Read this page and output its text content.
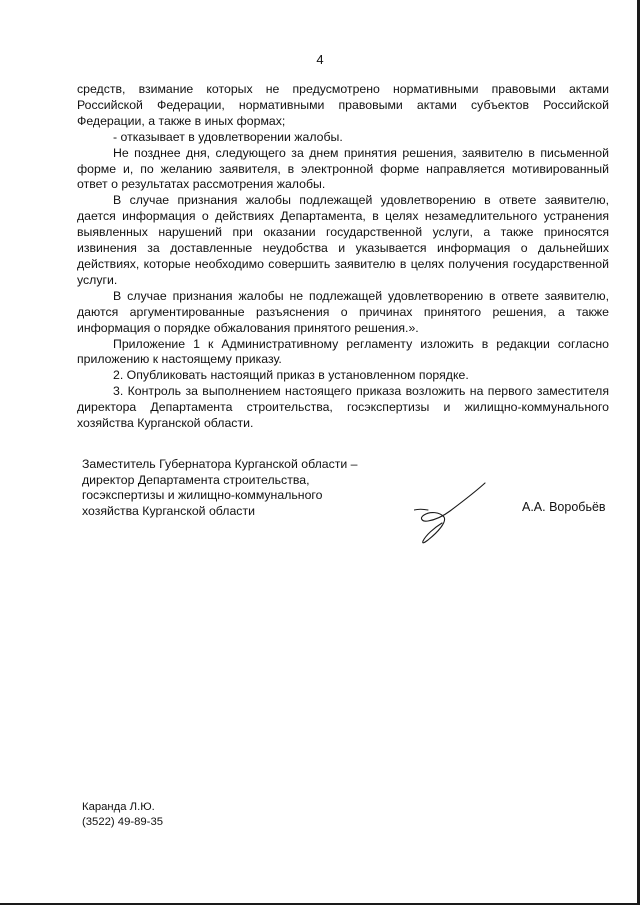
4

средств, взимание которых не предусмотрено нормативными правовыми актами Российской Федерации, нормативными правовыми актами субъектов Российской Федерации, а также в иных формах;

- отказывает в удовлетворении жалобы.

Не позднее дня, следующего за днем принятия решения, заявителю в письменной форме и, по желанию заявителя, в электронной форме направляется мотивированный ответ о результатах рассмотрения жалобы.

В случае признания жалобы подлежащей удовлетворению в ответе заявителю, дается информация о действиях Департамента, в целях незамедлительного устранения выявленных нарушений при оказании государственной услуги, а также приносятся извинения за доставленные неудобства и указывается информация о дальнейших действиях, которые необходимо совершить заявителю в целях получения государственной услуги.

В случае признания жалобы не подлежащей удовлетворению в ответе заявителю, даются аргументированные разъяснения о причинах принятого решения, а также информация о порядке обжалования принятого решения.».

Приложение 1 к Административному регламенту изложить в редакции согласно приложению к настоящему приказу.

2. Опубликовать настоящий приказ в установленном порядке.

3. Контроль за выполнением настоящего приказа возложить на первого заместителя директора Департамента строительства, госэкспертизы и жилищно-коммунального хозяйства Курганской области.

Заместитель Губернатора Курганской области –
директор Департамента строительства,
госэкспертизы и жилищно-коммунального
хозяйства Курганской области	А.А. Воробьёв
Каранда Л.Ю.
(3522) 49-89-35
